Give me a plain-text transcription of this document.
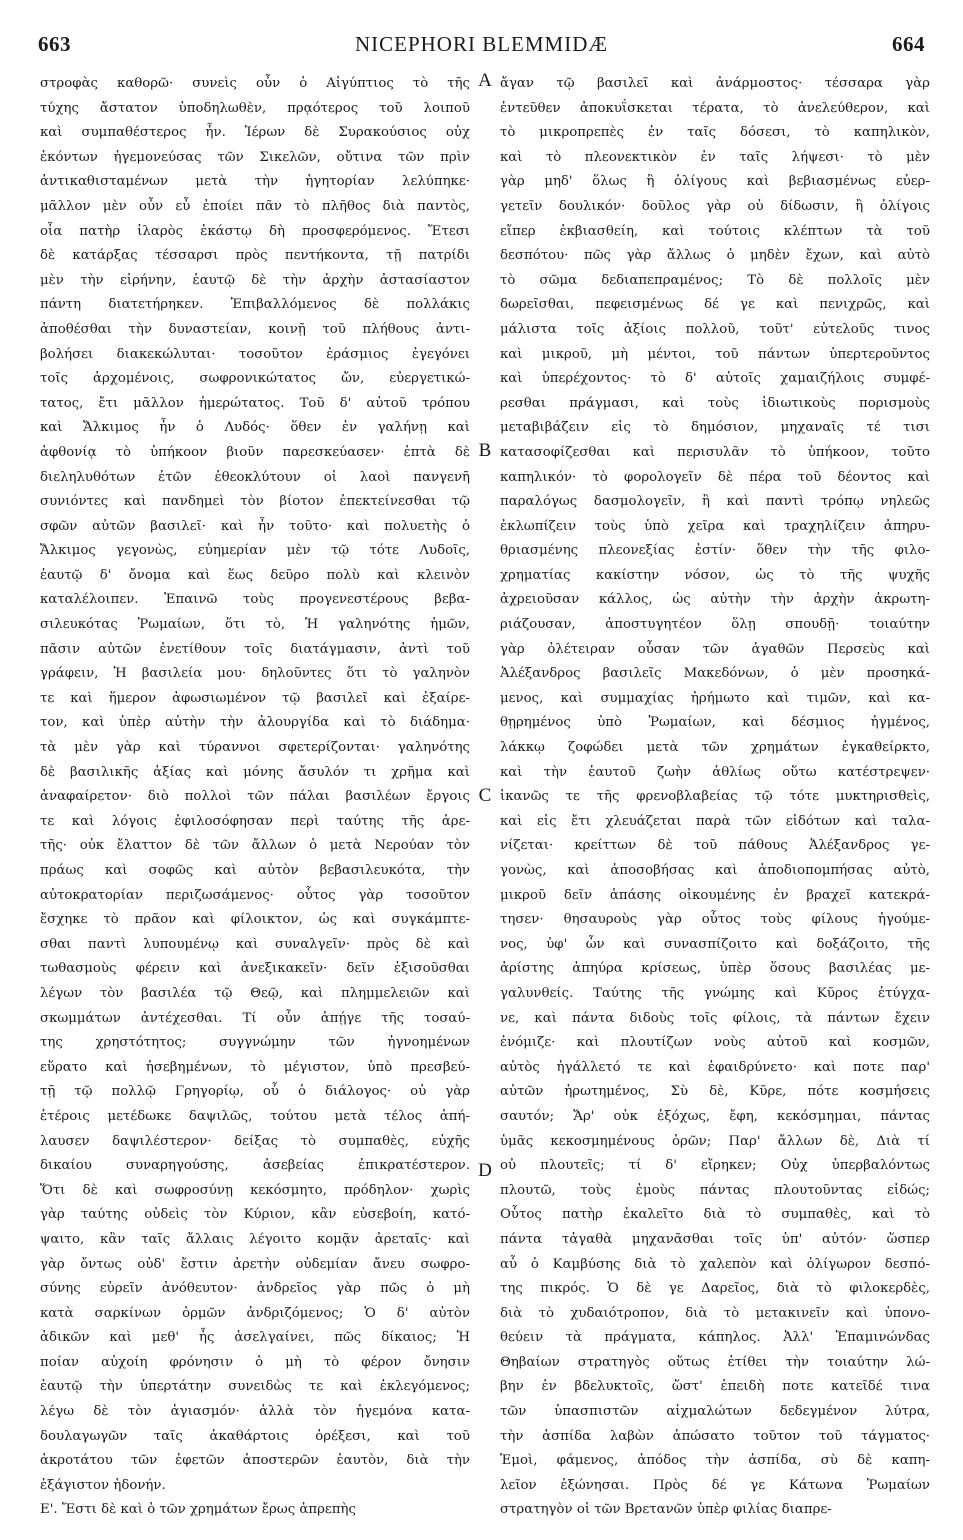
663	NICEPHORI BLEMMIDÆ	664
στροφὰς καθορῶ· συνεὶς οὖν ὁ Αἰγύπτιος τὸ τῆς
τύχης ἄστατον ὑποδηλωθὲν, πρᾳότερος τοῦ λοιποῦ
καὶ συμπαθέστερος ἦν. Ἱέρων δὲ Συρακούσιος οὐχ
ἑκόντων ἡγεμονεύσας τῶν Σικελῶν, οὔτινα τῶν πρὶν
ἀντικαθισταμένων μετὰ τὴν ἡγητορίαν λελύπηκε·
μᾶλλον μὲν οὖν εὖ ἐποίει πᾶν τὸ πλῆθος διὰ παντὸς,
οἷα πατὴρ ἱλαρὸς ἑκάστῳ δὴ προσφερόμενος. Ἔτεσι
δὲ κατάρξας τέσσαρσι πρὸς πεντήκοντα, τῇ πατρίδι
μὲν τὴν εἰρήνην, ἑαυτῷ δὲ τὴν ἀρχὴν ἀστασίαστον
πάντη διατετήρηκεν. Ἐπιβαλλόμενος δὲ πολλάκις
ἀποθέσθαι τὴν δυναστείαν, κοινῇ τοῦ πλήθους ἀντι-
βολήσει διακεκώλυται· τοσοῦτον ἐράσμιος ἐγεγόνει
τοῖς ἀρχομένοις, σωφρονικώτατος ὤν, εὐεργετικώ-
τατος, ἔτι μᾶλλον ἡμερώτατος. Τοῦ δ' αὐτοῦ τρόπου
καὶ Ἄλκιμος ἦν ὁ Λυδός· ὅθεν ἐν γαλήνῃ καὶ
ἀφθονίᾳ τὸ ὑπήκοον βιοῦν παρεσκεύασεν· ἑπτὰ δὲ
διεληλυθότων ἐτῶν ἐθεοκλύτουν οἱ λαοὶ πανγενῆ
συνιόντες καὶ πανδημεὶ τὸν βίοτον ἐπεκτείνεσθαι τῷ
σφῶν αὐτῶν βασιλεῖ· καὶ ἦν τοῦτο· καὶ πολυετὴς ὁ
Ἄλκιμος γεγονὼς, εὐημερίαν μὲν τῷ τότε Λυδοῖς,
ἑαυτῷ δ' ὄνομα καὶ ἕως δεῦρο πολὺ καὶ κλεινὸν
καταλέλοιπεν. Ἐπαινῶ τοὺς προγενεστέρους βεβα-
σιλευκότας Ῥωμαίων, ὅτι τὸ, Ἡ γαληνότης ἡμῶν,
πᾶσιν αὐτῶν ἐνετίθουν τοῖς διατάγμασιν, ἀντὶ τοῦ
γράφειν, Ἡ βασιλεία μου· δηλοῦντες ὅτι τὸ γαληνὸν
τε καὶ ἥμερον ἀφωσιωμένον τῷ βασιλεῖ καὶ ἐξαίρε-
τον, καὶ ὑπὲρ αὐτὴν τὴν ἀλουργίδα καὶ τὸ διάδημα·
τὰ μὲν γὰρ καὶ τύραννοι σφετερίζονται· γαληνότης
δὲ βασιλικῆς ἀξίας καὶ μόνης ἄσυλόν τι χρῆμα καὶ
ἀναφαίρετον· διὸ πολλοὶ τῶν πάλαι βασιλέων ἔργοις
τε καὶ λόγοις ἐφιλοσόφησαν περὶ ταύτης τῆς ἀρε-
τῆς· οὐκ ἔλαττον δὲ τῶν ἄλλων ὁ μετὰ Νερούαν τὸν
πράως καὶ σοφῶς καὶ αὐτὸν βεβασιλευκότα, τὴν
αὐτοκρατορίαν περιζωσάμενος· οὗτος γὰρ τοσοῦτον
ἔσχηκε τὸ πρᾶον καὶ φίλοικτον, ὡς καὶ συγκάμπτε-
σθαι παντὶ λυπουμένῳ καὶ συναλγεῖν· πρὸς δὲ καὶ
τωθασμοὺς φέρειν καὶ ἀνεξικακεῖν· δεῖν ἐξισοῦσθαι
λέγων τὸν βασιλέα τῷ Θεῷ, καὶ πλημμελειῶν καὶ
σκωμμάτων ἀντέχεσθαι. Τί οὖν ἀπῄγε τῆς τοσαύ-
της χρηστότητος; συγγνώμην τῶν ἠγνοημένων
εὕρατο καὶ ἠσεβημένων, τὸ μέγιστον, ὑπὸ πρεσβεύ-
τῇ τῷ πολλῷ Γρηγορίῳ, οὗ ὁ διάλογος· οὐ γὰρ
ἑτέροις μετέδωκε δαψιλῶς, τούτου μετὰ τέλος ἀπή-
λαυσεν δαψιλέστερον· δείξας τὸ συμπαθὲς, εὐχῆς
δικαίου συναρηγούσης, ἀσεβείας ἐπικρατέστερον.
Ὅτι δὲ καὶ σωφροσύνῃ κεκόσμητο, πρόδηλον· χωρὶς
γὰρ ταύτης οὐδεὶς τὸν Κύριον, κἂν εὐσεβοίη, κατό-
ψαιτο, κἂν ταῖς ἄλλαις λέγοιτο κομᾷν ἀρεταῖς· καὶ
γὰρ ὄντως οὐδ' ἔστιν ἀρετὴν οὐδεμίαν ἄνευ σωφρο-
σύνης εὑρεῖν ἀνόθευτον· ἀνδρεῖος γὰρ πῶς ὁ μὴ
κατὰ σαρκίνων ὁρμῶν ἀνδριζόμενος; Ὁ δ' αὐτὸν
ἀδικῶν καὶ μεθ' ἧς ἀσελγαίνει, πῶς δίκαιος; Ἡ
ποίαν αὐχοίη φρόνησιν ὁ μὴ τὸ φέρον ὄνησιν
ἑαυτῷ τὴν ὑπερτάτην συνειδὼς τε καὶ ἐκλεγόμενος;
λέγω δὲ τὸν ἁγιασμόν· ἀλλὰ τὸν ἡγεμόνα κατα-
δουλαγωγῶν ταῖς ἀκαθάρτοις ὀρέξεσι, καὶ τοῦ
ἀκροτάτου τῶν ἐφετῶν ἀποστερῶν ἑαυτὸν, διὰ τὴν
ἐξάγιστον ἡδονήν.
Ε'. Ἔστι δὲ καὶ ὁ τῶν χρημάτων ἔρως ἀπρεπὴς
ἄγαν τῷ βασιλεῖ καὶ ἀνάρμοστος· τέσσαρα γὰρ
ἐντεῦθεν ἀποκυΐσκεται τέρατα, τὸ ἀνελεύθερον, καὶ
τὸ μικροπρεπὲς ἐν ταῖς δόσεσι, τὸ καπηλικὸν,
καὶ τὸ πλεονεκτικὸν ἐν ταῖς λήψεσι· τὸ μὲν
γὰρ μηδ' ὅλως ἢ ὀλίγους καὶ βεβιασμένως εὐερ-
γετεῖν δουλικόν· δοῦλος γὰρ οὐ δίδωσιν, ἢ ὀλίγοις
εἴπερ ἐκβιασθείη, καὶ τούτοις κλέπτων τὰ τοῦ
δεσπότου· πῶς γὰρ ἄλλως ὁ μηδὲν ἔχων, καὶ αὐτὸ
τὸ σῶμα δεδιαπεπραμένος; Τὸ δὲ πολλοῖς μὲν
δωρεῖσθαι, πεφεισμένως δέ γε καὶ πενιχρῶς, καὶ
μάλιστα τοῖς ἀξίοις πολλοῦ, τοῦτ' εὐτελοῦς τινος
καὶ μικροῦ, μὴ μέντοι, τοῦ πάντων ὑπερτεροῦντος
καὶ ὑπερέχοντος· τὸ δ' αὐτοῖς χαμαιζήλοις συμφέ-
ρεσθαι πράγμασι, καὶ τοὺς ἰδιωτικοὺς πορισμοὺς
μεταβιβάζειν εἰς τὸ δημόσιον, μηχαναῖς τέ τισι
κατασοφίζεσθαι καὶ περισυλᾶν τὸ ὑπήκοον, τοῦτο
καπηλικόν· τὸ φορολογεῖν δὲ πέρα τοῦ δέοντος καὶ
παραλόγως δασμολογεῖν, ἢ καὶ παντὶ τρόπῳ νηλεῶς
ἐκλωπίζειν τοὺς ὑπὸ χεῖρα καὶ τραχηλίζειν ἀπηρυ-
θριασμένης πλεονεξίας ἐστίν· ὅθεν τὴν τῆς φιλο-
χρηματίας κακίστην νόσον, ὡς τὸ τῆς ψυχῆς
ἀχρειοῦσαν κάλλος, ὡς αὐτὴν τὴν ἀρχὴν ἀκρωτη-
ριάζουσαν, ἀποστυγητέον ὅλῃ σπουδῇ· τοιαύτην
γὰρ ὀλέτειραν οὖσαν τῶν ἀγαθῶν Περσεὺς καὶ
Ἀλέξανδρος βασιλεῖς Μακεδόνων, ὁ μὲν προσηκά-
μενος, καὶ συμμαχίας ἠρήμωτο καὶ τιμῶν, καὶ κα-
θῃρημένος ὑπὸ Ῥωμαίων, καὶ δέσμιος ἠγμένος,
λάκκῳ ζοφώδει μετὰ τῶν χρημάτων ἐγκαθείρκτο,
καὶ τὴν ἑαυτοῦ ζωὴν ἀθλίως οὕτω κατέστρεψεν·
ἱκανῶς τε τῆς φρενοβλαβείας τῷ τότε μυκτηρισθεὶς,
καὶ εἰς ἔτι χλευάζεται παρὰ τῶν εἰδότων καὶ ταλα-
νίζεται· κρείττων δὲ τοῦ πάθους Ἀλέξανδρος γε-
γονὼς, καὶ ἀποσοβήσας καὶ ἀποδιοπομπήσας αὐτὸ,
μικροῦ δεῖν ἁπάσης οἰκουμένης ἐν βραχεῖ κατεκρά-
τησεν· θησαυροὺς γὰρ οὗτος τοὺς φίλους ἡγούμε-
νος, ὑφ' ὧν καὶ συνασπίζοιτο καὶ δοξάζοιτο, τῆς
ἀρίστης ἀπηύρα κρίσεως, ὑπὲρ ὅσους βασιλέας με-
γαλυνθείς. Ταύτης τῆς γνώμης καὶ Κῦρος ἐτύγχα-
νε, καὶ πάντα διδοὺς τοῖς φίλοις, τὰ πάντων ἔχειν
ἐνόμιζε· καὶ πλουτίζων νοὺς αὐτοῦ καὶ κοσμῶν,
αὐτὸς ἠγάλλετό τε καὶ ἐφαιδρύνετο· καὶ ποτε παρ'
αὐτῶν ἠρωτημένος, Σὺ δὲ, Κῦρε, πότε κοσμήσεις
σαυτόν; Ἄρ' οὐκ ἐξόχως, ἔφη, κεκόσμημαι, πάντας
ὑμᾶς κεκοσμημένους ὁρῶν; Παρ' ἄλλων δὲ, Διὰ τί
οὐ πλουτεῖς; τί δ' εἴρηκεν; Οὐχ ὑπερβαλόντως
πλουτῶ, τοὺς ἐμοὺς πάντας πλουτοῦντας εἰδώς;
Οὗτος πατὴρ ἐκαλεῖτο διὰ τὸ συμπαθὲς, καὶ τὸ
πάντα τἀγαθὰ μηχανᾶσθαι τοῖς ὑπ' αὐτόν· ὥσπερ
αὖ ὁ Καμβύσης διὰ τὸ χαλεπὸν καὶ ὀλίγωρον δεσπό-
της πικρός. Ὁ δὲ γε Δαρεῖος, διὰ τὸ φιλοκερδὲς,
διὰ τὸ χυδαιότροπον, διὰ τὸ μετακινεῖν καὶ ὑπονο-
θεύειν τὰ πράγματα, κάπηλος. Ἀλλ' Ἐπαμινώνδας
Θηβαίων στρατηγὸς οὕτως ἐτίθει τὴν τοιαύτην λώ-
βην ἐν βδελυκτοῖς, ὥστ' ἐπειδὴ ποτε κατεῖδέ τινα
τῶν ὑπασπιστῶν αἰχμαλώτων δεδεγμένον λύτρα,
τὴν ἀσπίδα λαβὼν ἀπώσατο τοῦτον τοῦ τάγματος·
Ἐμοὶ, φάμενος, ἀπόδος τὴν ἀσπίδα, σὺ δὲ καπη-
λεῖον ἐξώνησαι. Πρὸς δέ γε Κάτωνα Ῥωμαίων
στρατηγὸν οἱ τῶν Βρετανῶν ὑπὲρ φιλίας διαπρε-
A
B
C
D
